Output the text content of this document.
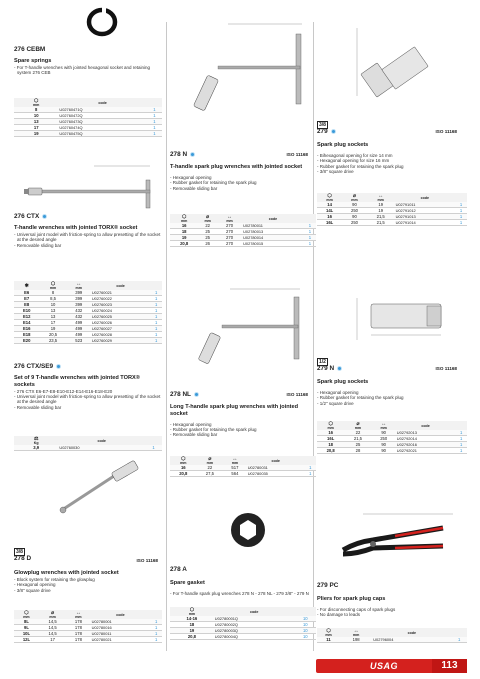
276 CEBM
Spare springs
- For T-handle wrenches with jointed hexagonal socket and retaining system 276 CEB
⬡
mm	code	
8	U02760471Q	1
10	U02760472Q	1
13	U02760473Q	1
17	U02760474Q	1
19	U02760475Q	1
276 CTX
T-handle wrenches with jointed TORX® socket
- Universal joint model with friction-spring to allow presetting of the socket at the desired angle
- Removable sliding bar
✱	⬡
mm	↔
mm	code	
E6	8	399	U02760021	1
E7	8,5	399	U02760022	1
E8	10	399	U02760023	1
E10	13	432	U02760024	1
E12	13	432	U02760025	1
E14	17	499	U02760026	1
E16	19	499	U02760027	1
E18	20,5	499	U02760028	1
E20	23,5	523	U02760029	1
276 CTX/SE9
Set of 9 T-handle wrenches with jointed TORX® sockets
- 276 CTX E6-E7-E8-E10-E12-E14-E16-E18-E20
- Universal joint model with friction-spring to allow presetting of the socket at the desired angle
- Removable sliding bar
⚖
Kg	code	
3,9	U02760030	1
3/8
278 D	ISO 11168
Glowplug wrenches with jointed socket
- Block system for retaining the glowplug
- Hexagonal opening
- 3/8" square drive
⬡
mm	⌀
mm	↔
mm	code	
8L	14,5	178	U02780001	1
9L	14,5	178	U02780016	1
10L	14,5	178	U02780011	1
12L	17	178	U02780021	1
278 N	ISO 11168
T-handle spark plug wrenches with jointed socket
- Hexagonal opening
- Rubber gasket for retaining the spark plug
- Removable sliding bar
⬡
mm	⌀
mm	↔
mm	code	
16	22	270	U02780011	1
18	25	270	U02780013	1
19	25	270	U02780014	1
20,8	26	270	U02780015	1
278 NL	ISO 11168
Long T-handle spark plug wrenches with jointed socket
- Hexagonal opening
- Rubber gasket for retaining the spark plug
- Removable sliding bar
⬡
mm	⌀
mm	↔
mm	code	
16	22	517	U02780031	1
20,8	27,5	564	U02780035	1
278 A
Spare gasket
- For T-handle spark plug wrenches 278 N - 278 NL - 279 3/8" - 279 N
⬡
mm	code	
14-16	U02780001Q	10
18	U02780002Q	10
19	U02780003Q	10
20,8	U02780004Q	10
3/8
279	ISO 11168
Spark plug sockets
- Bihexagonal opening for size 14 mm
- Hexagonal opening for size 16 mm
- Rubber gasket for retaining the spark plug
- 3/8" square drive
⬡
mm	⌀
mm	↔
mm	code	
14	90	19	U02791011	1
14L	250	19	U02791012	1
16	90	21,5	U02791013	1
16L	250	21,5	U02791014	1
1/2
279 N	ISO 11168
Spark plug sockets
- Hexagonal opening
- Rubber gasket for retaining the spark plug
- 1/2" square drive
⬡
mm	⌀
mm	↔
mm	code	
16	22	90	U02792013	1
16L	21,5	250	U02792014	1
18	25	90	U02792016	1
20,8	28	90	U02792021	1
279 PC
Pliers for spark plug caps
- For disconnecting caps of spark plugs
- No damage to leads
⬡
mm	↔
mm	code	
11	198	U02796004	1
USAG	113
